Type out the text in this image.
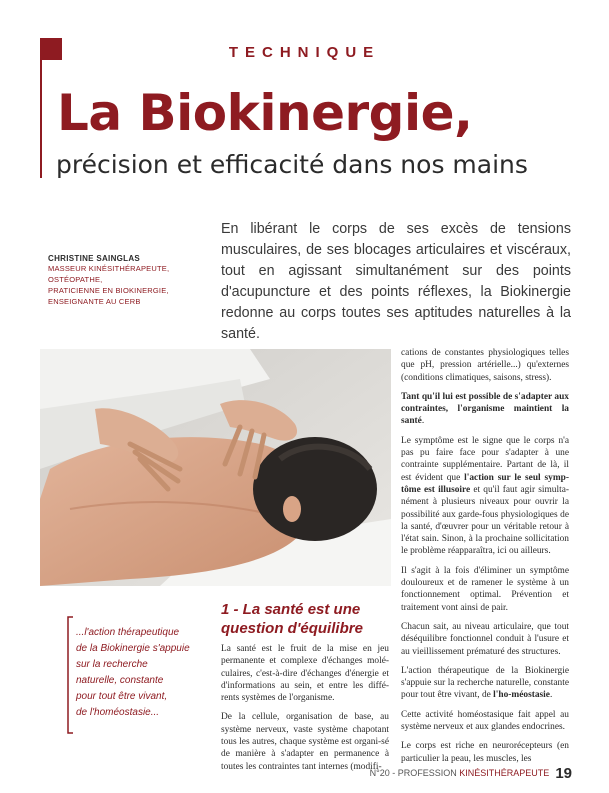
TECHNIQUE
La Biokinergie,
précision et efficacité dans nos mains
CHRISTINE SAINGLAS
MASSEUR KINÉSITHÉRAPEUTE,
OSTÉOPATHE,
PRATICIENNE EN BIOKINERGIE,
ENSEIGNANTE AU CERB
En libérant le corps de ses excès de tensions musculaires, de ses blocages articulaires et viscéraux, tout en agissant simultanément sur des points d'acupuncture et des points réflexes, la Biokinergie redonne au corps toutes ses aptitudes naturelles à la santé.
...l'action thérapeutique
de la Biokinergie s'appuie
sur la recherche
naturelle, constante
pour tout être vivant,
de l'homéostasie...
1 - La santé est une question d'équilibre

La santé est le fruit de la mise en jeu permanente et complexe d'échanges molé-culaires, c'est-à-dire d'échanges d'énergie et d'informations au sein, et entre les diffé-rents systèmes de l'organisme.

De la cellule, organisation de base, au système nerveux, vaste système chapotant tous les autres, chaque système est organi-sé de manière à s'adapter en permanence à toutes les contraintes tant internes (modifi-

cations de constantes physiologiques telles que pH, pression artérielle...) qu'externes (conditions climatiques, saisons, stress).

Tant qu'il lui est possible de s'adapter aux contraintes, l'organisme maintient la santé.

Le symptôme est le signe que le corps n'a pas pu faire face pour s'adapter à une contrainte supplémentaire. Partant de là, il est évident que l'action sur le seul symp-tôme est illusoire et qu'il faut agir simulta-nément à plusieurs niveaux pour ouvrir la possibilité aux garde-fous physiologiques de la santé, d'œuvrer pour un véritable retour à l'état sain. Sinon, à la prochaine sollicitation le problème réapparaîtra, ici ou ailleurs.

Il s'agit à la fois d'éliminer un symptôme douloureux et de ramener le système à un fonctionnement optimal. Prévention et traitement vont ainsi de pair.

Chacun sait, au niveau articulaire, que tout déséquilibre fonctionnel conduit à l'usure et au vieillissement prématuré des structures.

L'action thérapeutique de la Biokinergie s'appuie sur la recherche naturelle, constante pour tout être vivant, de l'ho-méostasie.

Cette activité homéostasique fait appel au système nerveux et aux glandes endocrines.

Le corps est riche en neurorécepteurs (en particulier la peau, les muscles, les

N°20 - PROFESSION KINÉSITHÉRAPEUTE 19
